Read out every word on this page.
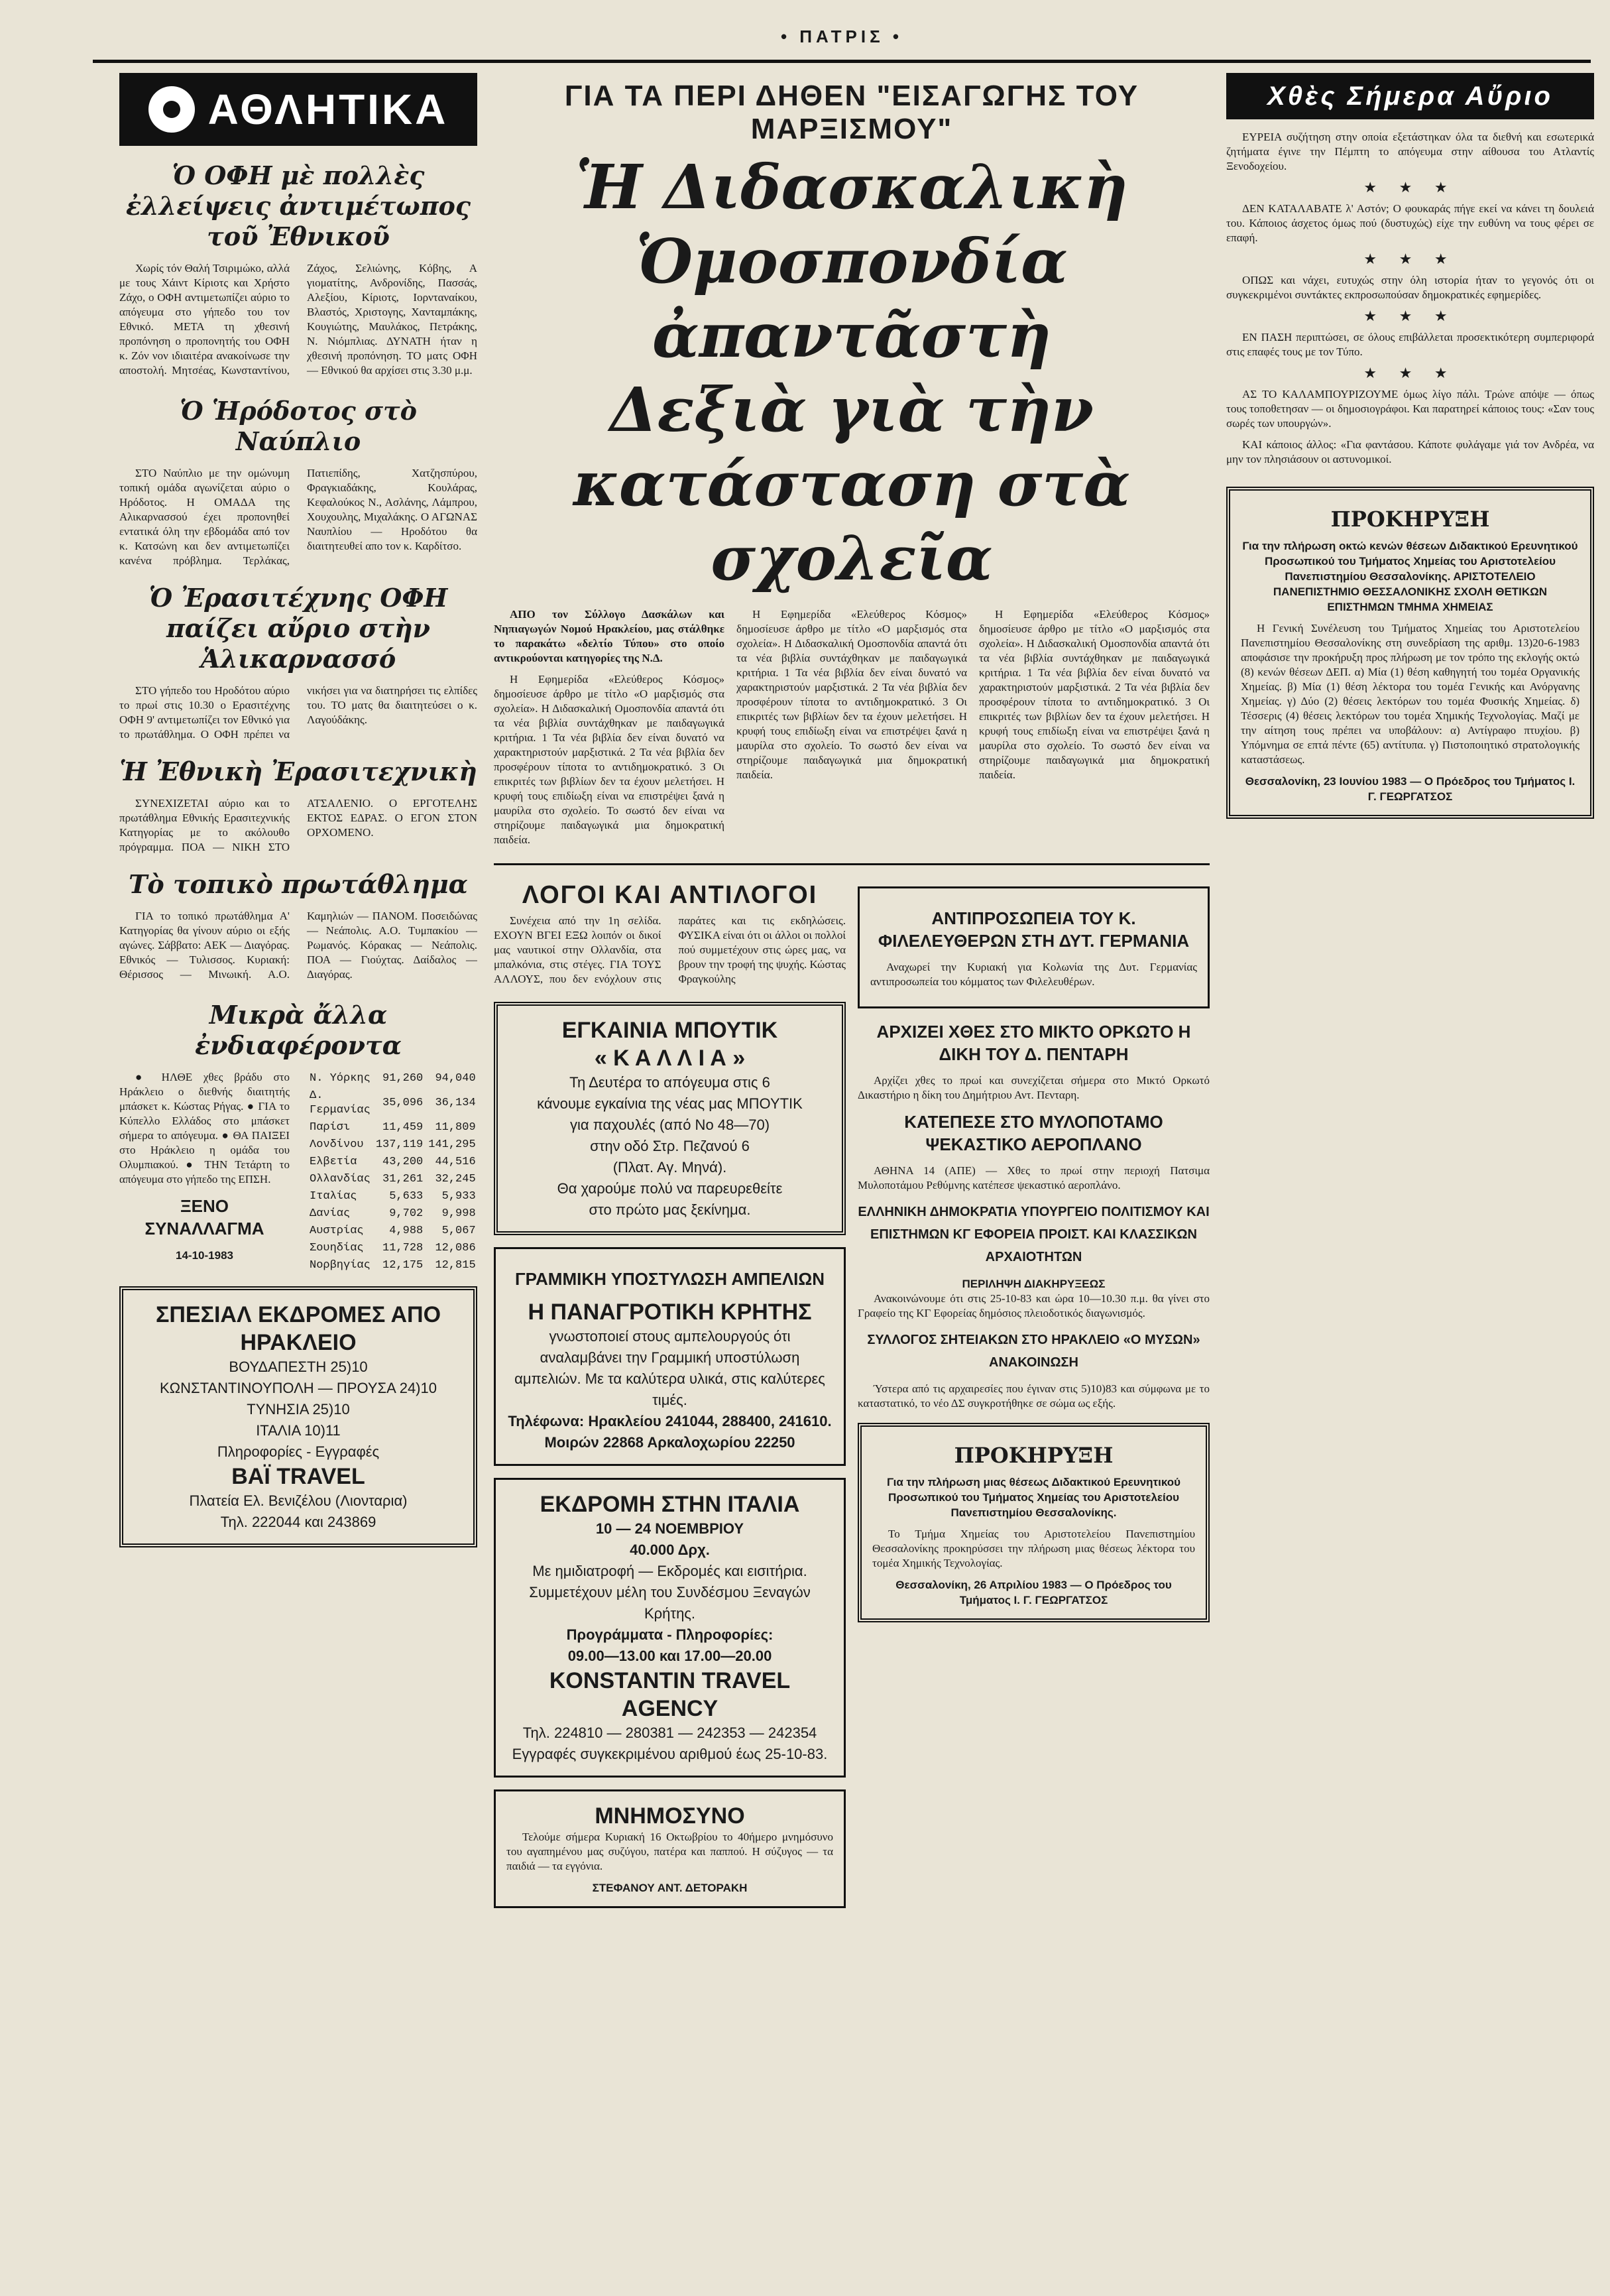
• ΠΑΤΡΙΣ •
ΑΘΛΗΤΙΚΑ
Ὁ ΟΦΗ μὲ πολλὲς ἐλλείψεις ἀντιμέτωπος τοῦ Ἐθνικοῦ

Χωρίς τόν Θαλή Τσιριμώκο, αλλά με τους Χάιντ Κίριοτς και Χρήστο Ζάχο, ο ΟΦΗ αντιμετωπίζει αύριο το απόγευμα στο γήπεδο του τον Εθνικό. ΜΕΤΑ τη χθεσινή προπόνηση ο προπονητής του ΟΦΗ κ. Ζόν νον ιδιαιτέρα ανακοίνωσε την αποστολή. Μητσέας, Κωνσταντίνου, Ζάχος, Σελιώνης, Κόβης, Α γιοματίτης, Ανδρονίδης, Πασσάς, Αλεξίου, Κίριοτς, Ιορνταναίκου, Βλαστός, Χριστογης, Χανταμπάκης, Κουγιώτης, Μαυλάκος, Πετράκης, Ν. Νιόμπλιας. ΔΥΝΑΤΗ ήταν η χθεσινή προπόνηση. ΤΟ ματς ΟΦΗ — Εθνικού θα αρχίσει στις 3.30 μ.μ.

Ὁ Ἡρόδοτος στὸ Ναύπλιο

ΣΤΟ Ναύπλιο με την ομώνυμη τοπική ομάδα αγωνίζεται αύριο ο Ηρόδοτος. Η ΟΜΑΔΑ της Αλικαρνασσού έχει προπονηθεί εντατικά όλη την εβδομάδα από τον κ. Κατσώνη και δεν αντιμετωπίζει κανένα πρόβλημα. Τερλάκας, Πατιεπίδης, Χατζησπύρου, Φραγκιαδάκης, Κουλάρας, Κεφαλούκος Ν., Ασλάνης, Λάμπρου, Χουχουλης, Μιχαλάκης. Ο ΑΓΩΝΑΣ Ναυπλίου — Ηροδότου θα διαιτητευθεί απο τον κ. Καρδίτσο.

Ὁ Ἐρασιτέχνης ΟΦΗ παίζει αὔριο στὴν Ἁλικαρνασσό

ΣΤΟ γήπεδο του Ηροδότου αύριο το πρωί στις 10.30 ο Ερασιτέχνης ΟΦΗ 9' αντιμετωπίζει τον Εθνικό για το πρωτάθλημα. Ο ΟΦΗ πρέπει να νικήσει για να διατηρήσει τις ελπίδες του. ΤΟ ματς θα διαιτητεύσει ο κ. Λαγούδάκης.

Ἡ Ἐθνικὴ Ἐρασιτεχνικὴ

ΣΥΝΕΧΙΖΕΤΑΙ αύριο και το πρωτάθλημα Εθνικής Ερασιτεχνικής Κατηγορίας με το ακόλουθο πρόγραμμα. ΠΟΑ — ΝΙΚΗ ΣΤΟ ΑΤΣΑΛΕΝΙΟ. Ο ΕΡΓΟΤΕΛΗΣ ΕΚΤΟΣ ΕΔΡΑΣ. Ο ΕΓΟΝ ΣΤΟΝ ΟΡΧΟΜΕΝΟ.

Τὸ τοπικὸ πρωτάθλημα

ΓΙΑ το τοπικό πρωτάθλημα Α' Κατηγορίας θα γίνουν αύριο οι εξής αγώνες. Σάββατο: ΑΕΚ — Διαγόρας. Εθνικός — Τυλισσος. Κυριακή: Θέρισσος — Μινωική. Α.Ο. Καμηλιών — ΠΑΝΟΜ. Ποσειδώνας — Νεάπολις. Α.Ο. Τυμπακίου — Ρωμανός. Κόρακας — Νεάπολις. ΠΟΑ — Γιούχτας. Δαίδαλος — Διαγόρας.

Μικρὰ ἄλλα ἐνδιαφέροντα

● ΗΛΘΕ χθες βράδυ στο Ηράκλειο ο διεθνής διαιτητής μπάσκετ κ. Κώστας Ρήγας. ● ΓΙΑ το Κύπελλο Ελλάδος στο μπάσκετ σήμερα το απόγευμα. ● ΘΑ ΠΑΙΞΕΙ στο Ηράκλειο η ομάδα του Ολυμπιακού. ● ΤΗΝ Τετάρτη το απόγευμα στο γήπεδο της ΕΠΣΗ.

ΞΕΝΟ ΣΥΝΑΛΛΑΓΜΑ
14-10-1983
Ν. Υόρκης	91,260	94,040
Δ. Γερμανίας	35,096	36,134
Παρίσι	11,459	11,809
Λονδίνου	137,119	141,295
Ελβετία	43,200	44,516
Ολλανδίας	31,261	32,245
Ιταλίας	5,633	5,933
Δανίας	9,702	9,998
Αυστρίας	4,988	5,067
Σουηδίας	11,728	12,086
Νορβηγίας	12,175	12,815
ΣΠΕΣΙΑΛ ΕΚΔΡΟΜΕΣ ΑΠΟ ΗΡΑΚΛΕΙΟ
ΒΟΥΔΑΠΕΣΤΗ 25)10
ΚΩΝΣΤΑΝΤΙΝΟΥΠΟΛΗ — ΠΡΟΥΣΑ 24)10
ΤΥΝΗΣΙΑ 25)10
ΙΤΑΛΙΑ 10)11
Πληροφορίες - Εγγραφές
ΒΑΪ TRAVEL
Πλατεία Ελ. Βενιζέλου (Λιονταρια)
Τηλ. 222044 και 243869
ΓΙΑ ΤΑ ΠΕΡΙ ΔΗΘΕΝ "ΕΙΣΑΓΩΓΗΣ ΤΟΥ ΜΑΡΞΙΣΜΟΥ"
Ἡ Διδασκαλικὴ Ὁμοσπονδία ἀπαντᾶστὴ
Δεξιὰ γιὰ τὴν κατάσταση στὰ σχολεῖα

ΑΠΟ τον Σύλλογο Δασκάλων και Νηπιαγωγών Νομού Ηρακλείου, μας στάλθηκε το παρακάτω «δελτίο Τύπου» στο οποίο αντικρούονται κατηγορίες της Ν.Δ.

Η Εφημερίδα «Ελεύθερος Κόσμος» δημοσίευσε άρθρο με τίτλο «Ο μαρξισμός στα σχολεία». Η Διδασκαλική Ομοσπονδία απαντά ότι τα νέα βιβλία συντάχθηκαν με παιδαγωγικά κριτήρια. 1 Τα νέα βιβλία δεν είναι δυνατό να χαρακτηριστούν μαρξιστικά. 2 Τα νέα βιβλία δεν προσφέρουν τίποτα το αντιδημοκρατικό. 3 Οι επικριτές των βιβλίων δεν τα έχουν μελετήσει. Η κρυφή τους επιδίωξη είναι να επιστρέψει ξανά η μαυρίλα στο σχολείο. Το σωστό δεν είναι να στηρίζουμε παιδαγωγικά μια δημοκρατική παιδεία.

Η Εφημερίδα «Ελεύθερος Κόσμος» δημοσίευσε άρθρο με τίτλο «Ο μαρξισμός στα σχολεία». Η Διδασκαλική Ομοσπονδία απαντά ότι τα νέα βιβλία συντάχθηκαν με παιδαγωγικά κριτήρια. 1 Τα νέα βιβλία δεν είναι δυνατό να χαρακτηριστούν μαρξιστικά. 2 Τα νέα βιβλία δεν προσφέρουν τίποτα το αντιδημοκρατικό. 3 Οι επικριτές των βιβλίων δεν τα έχουν μελετήσει. Η κρυφή τους επιδίωξη είναι να επιστρέψει ξανά η μαυρίλα στο σχολείο. Το σωστό δεν είναι να στηρίζουμε παιδαγωγικά μια δημοκρατική παιδεία.

Η Εφημερίδα «Ελεύθερος Κόσμος» δημοσίευσε άρθρο με τίτλο «Ο μαρξισμός στα σχολεία». Η Διδασκαλική Ομοσπονδία απαντά ότι τα νέα βιβλία συντάχθηκαν με παιδαγωγικά κριτήρια. 1 Τα νέα βιβλία δεν είναι δυνατό να χαρακτηριστούν μαρξιστικά. 2 Τα νέα βιβλία δεν προσφέρουν τίποτα το αντιδημοκρατικό. 3 Οι επικριτές των βιβλίων δεν τα έχουν μελετήσει. Η κρυφή τους επιδίωξη είναι να επιστρέψει ξανά η μαυρίλα στο σχολείο. Το σωστό δεν είναι να στηρίζουμε παιδαγωγικά μια δημοκρατική παιδεία.

ΛΟΓΟΙ ΚΑΙ ΑΝΤΙΛΟΓΟΙ

Συνέχεια από την 1η σελίδα. ΕΧΟΥΝ ΒΓΕΙ ΕΞΩ λοιπόν οι δικοί μας ναυτικοί στην Ολλανδία, στα μπαλκόνια, στις στέγες. ΓΙΑ ΤΟΥΣ ΑΛΛΟΥΣ, που δεν ενόχλουν στις παράτες και τις εκδηλώσεις. ΦΥΣΙΚΑ είναι ότι οι άλλοι οι πολλοί πού συμμετέχουν στις ώρες μας, να βρουν την τροφή της ψυχής. Κώστας Φραγκούλης

ΕΓΚΑΙΝΙΑ ΜΠΟΥΤΙΚ
« Κ Α Λ Λ Ι Α »
Τη Δευτέρα το απόγευμα στις 6
κάνουμε εγκαίνια της νέας μας ΜΠΟΥΤΙΚ
για παχουλές (από Νο 48—70)
στην οδό Στρ. Πεζανού 6
(Πλατ. Αγ. Μηνά).
Θα χαρούμε πολύ να παρευρεθείτε
στο πρώτο μας ξεκίνημα.
ΓΡΑΜΜΙΚΗ ΥΠΟΣΤΥΛΩΣΗ ΑΜΠΕΛΙΩΝ
Η ΠΑΝΑΓΡΟΤΙΚΗ ΚΡΗΤΗΣ
γνωστοποιεί στους αμπελουργούς ότι αναλαμβάνει την Γραμμική υποστύλωση αμπελιών. Με τα καλύτερα υλικά, στις καλύτερες τιμές.
Τηλέφωνα: Ηρακλείου 241044, 288400, 241610. Μοιρών 22868 Αρκαλοχωρίου 22250
ΕΚΔΡΟΜΗ ΣΤΗΝ ΙΤΑΛΙΑ
10 — 24 ΝΟΕΜΒΡΙΟΥ
40.000 Δρχ.
Με ημιδιατροφή — Εκδρομές και εισιτήρια.
Συμμετέχουν μέλη του Συνδέσμου Ξεναγών Κρήτης.
Προγράμματα - Πληροφορίες:
09.00—13.00 και 17.00—20.00
KONSTANTIN TRAVEL AGENCY
Τηλ. 224810 — 280381 — 242353 — 242354
Εγγραφές συγκεκριμένου αριθμού έως 25-10-83.
ΜΝΗΜΟΣΥΝΟ

Τελούμε σήμερα Κυριακή 16 Οκτωβρίου το 40ήμερο μνημόσυνο του αγαπημένου μας συζύγου, πατέρα και παππού. Η σύζυγος — τα παιδιά — τα εγγόνια.

ΣΤΕΦΑΝΟΥ ΑΝΤ. ΔΕΤΟΡΑΚΗ
ΑΝΤΙΠΡΟΣΩΠΕΙΑ ΤΟΥ Κ. ΦΙΛΕΛΕΥΘΕΡΩΝ ΣΤΗ ΔΥΤ. ΓΕΡΜΑΝΙΑ

Αναχωρεί την Κυριακή για Κολωνία της Δυτ. Γερμανίας αντιπροσωπεία του κόμματος των Φιλελευθέρων.

ΑΡΧΙΖΕΙ ΧΘΕΣ ΣΤΟ ΜΙΚΤΟ ΟΡΚΩΤΟ Η ΔΙΚΗ ΤΟΥ Δ. ΠΕΝΤΑΡΗ

Αρχίζει χθες το πρωί και συνεχίζεται σήμερα στο Μικτό Ορκωτό Δικαστήριο η δίκη του Δημήτριου Αντ. Πενταρη.

ΚΑΤΕΠΕΣΕ ΣΤΟ ΜΥΛΟΠΟΤΑΜΟ ΨΕΚΑΣΤΙΚΟ ΑΕΡΟΠΛΑΝΟ

ΑΘΗΝΑ 14 (ΑΠΕ) — Χθες το πρωί στην περιοχή Πατσιμα Μυλοποτάμου Ρεθύμνης κατέπεσε ψεκαστικό αεροπλάνο.

ΕΛΛΗΝΙΚΗ ΔΗΜΟΚΡΑΤΙΑ ΥΠΟΥΡΓΕΙΟ ΠΟΛΙΤΙΣΜΟΥ ΚΑΙ ΕΠΙΣΤΗΜΩΝ ΚΓ ΕΦΟΡΕΙΑ ΠΡΟΙΣΤ. ΚΑΙ ΚΛΑΣΣΙΚΩΝ ΑΡΧΑΙΟΤΗΤΩΝ
ΠΕΡΙΛΗΨΗ ΔΙΑΚΗΡΥΞΕΩΣ

Ανακοινώνουμε ότι στις 25-10-83 και ώρα 10—10.30 π.μ. θα γίνει στο Γραφείο της ΚΓ Εφορείας δημόσιος πλειοδοτικός διαγωνισμός.

ΣΥΛΛΟΓΟΣ ΣΗΤΕΙΑΚΩΝ ΣΤΟ ΗΡΑΚΛΕΙΟ «Ο ΜΥΣΩΝ» ΑΝΑΚΟΙΝΩΣΗ

Ύστερα από τις αρχαιρεσίες που έγιναν στις 5)10)83 και σύμφωνα με το καταστατικό, το νέο ΔΣ συγκροτήθηκε σε σώμα ως εξής.

ΠΡΟΚΗΡΥΞΗ
Για την πλήρωση μιας θέσεως Διδακτικού Ερευνητικού Προσωπικού του Τμήματος Χημείας του Αριστοτελείου Πανεπιστημίου Θεσσαλονίκης.

Το Τμήμα Χημείας του Αριστοτελείου Πανεπιστημίου Θεσσαλονίκης προκηρύσσει την πλήρωση μιας θέσεως λέκτορα του τομέα Χημικής Τεχνολογίας.

Θεσσαλονίκη, 26 Απριλίου 1983 — Ο Πρόεδρος του Τμήματος Ι. Γ. ΓΕΩΡΓΑΤΣΟΣ
Χθὲς Σήμερα Αὔριο

ΕΥΡΕΙΑ συζήτηση στην οποία εξετάστηκαν όλα τα διεθνή και εσωτερικά ζητήματα έγινε την Πέμπτη το απόγευμα στην αίθουσα του Ατλαντίς Ξενοδοχείου.

★ ★ ★

ΔΕΝ ΚΑΤΑΛΑΒΑΤΕ λ' Αστόν; Ο φουκαράς πήγε εκεί να κάνει τη δουλειά του. Κάποιος άσχετος όμως πού (δυστυχώς) είχε την ευθύνη να τους φέρει σε επαφή.

★ ★ ★

ΟΠΩΣ και νάχει, ευτυχώς στην όλη ιστορία ήταν το γεγονός ότι οι συγκεκριμένοι συντάκτες εκπροσωπούσαν δημοκρατικές εφημερίδες.

★ ★ ★

ΕΝ ΠΑΣΗ περιπτώσει, σε όλους επιβάλλεται προσεκτικότερη συμπεριφορά στις επαφές τους με τον Τύπο.

★ ★ ★

ΑΣ ΤΟ ΚΑΛΑΜΠΟΥΡΙΖΟΥΜΕ όμως λίγο πάλι. Τρώνε απόψε — όπως τους τοποθετησαν — οι δημοσιογράφοι. Και παρατηρεί κάποιος τους: «Σαν τους σωρές των υπουργών».

ΚΑΙ κάποιος άλλος: «Για φαντάσου. Κάποτε φυλάγαμε γιά τον Ανδρέα, να μην τον πλησιάσουν οι αστυνομικοί.

ΠΡΟΚΗΡΥΞΗ
Για την πλήρωση οκτώ κενών θέσεων Διδακτικού Ερευνητικού Προσωπικού του Τμήματος Χημείας του Αριστοτελείου Πανεπιστημίου Θεσσαλονίκης. ΑΡΙΣΤΟΤΕΛΕΙΟ ΠΑΝΕΠΙΣΤΗΜΙΟ ΘΕΣΣΑΛΟΝΙΚΗΣ ΣΧΟΛΗ ΘΕΤΙΚΩΝ ΕΠΙΣΤΗΜΩΝ ΤΜΗΜΑ ΧΗΜΕΙΑΣ

Η Γενική Συνέλευση του Τμήματος Χημείας του Αριστοτελείου Πανεπιστημίου Θεσσαλονίκης στη συνεδρίαση της αριθμ. 13)20-6-1983 αποφάσισε την προκήρυξη προς πλήρωση με τον τρόπο της εκλογής οκτώ (8) κενών θέσεων ΔΕΠ. α) Μία (1) θέση καθηγητή του τομέα Οργανικής Χημείας. β) Μία (1) θέση λέκτορα του τομέα Γενικής και Ανόργανης Χημείας. γ) Δύο (2) θέσεις λεκτόρων του τομέα Φυσικής Χημείας. δ) Τέσσερις (4) θέσεις λεκτόρων του τομέα Χημικής Τεχνολογίας. Μαζί με την αίτηση τους πρέπει να υποβάλουν: α) Αντίγραφο πτυχίου. β) Υπόμνημα σε επτά πέντε (65) αντίτυπα. γ) Πιστοποιητικό στρατολογικής καταστάσεως.

Θεσσαλονίκη, 23 Ιουνίου 1983 — Ο Πρόεδρος του Τμήματος Ι. Γ. ΓΕΩΡΓΑΤΣΟΣ
